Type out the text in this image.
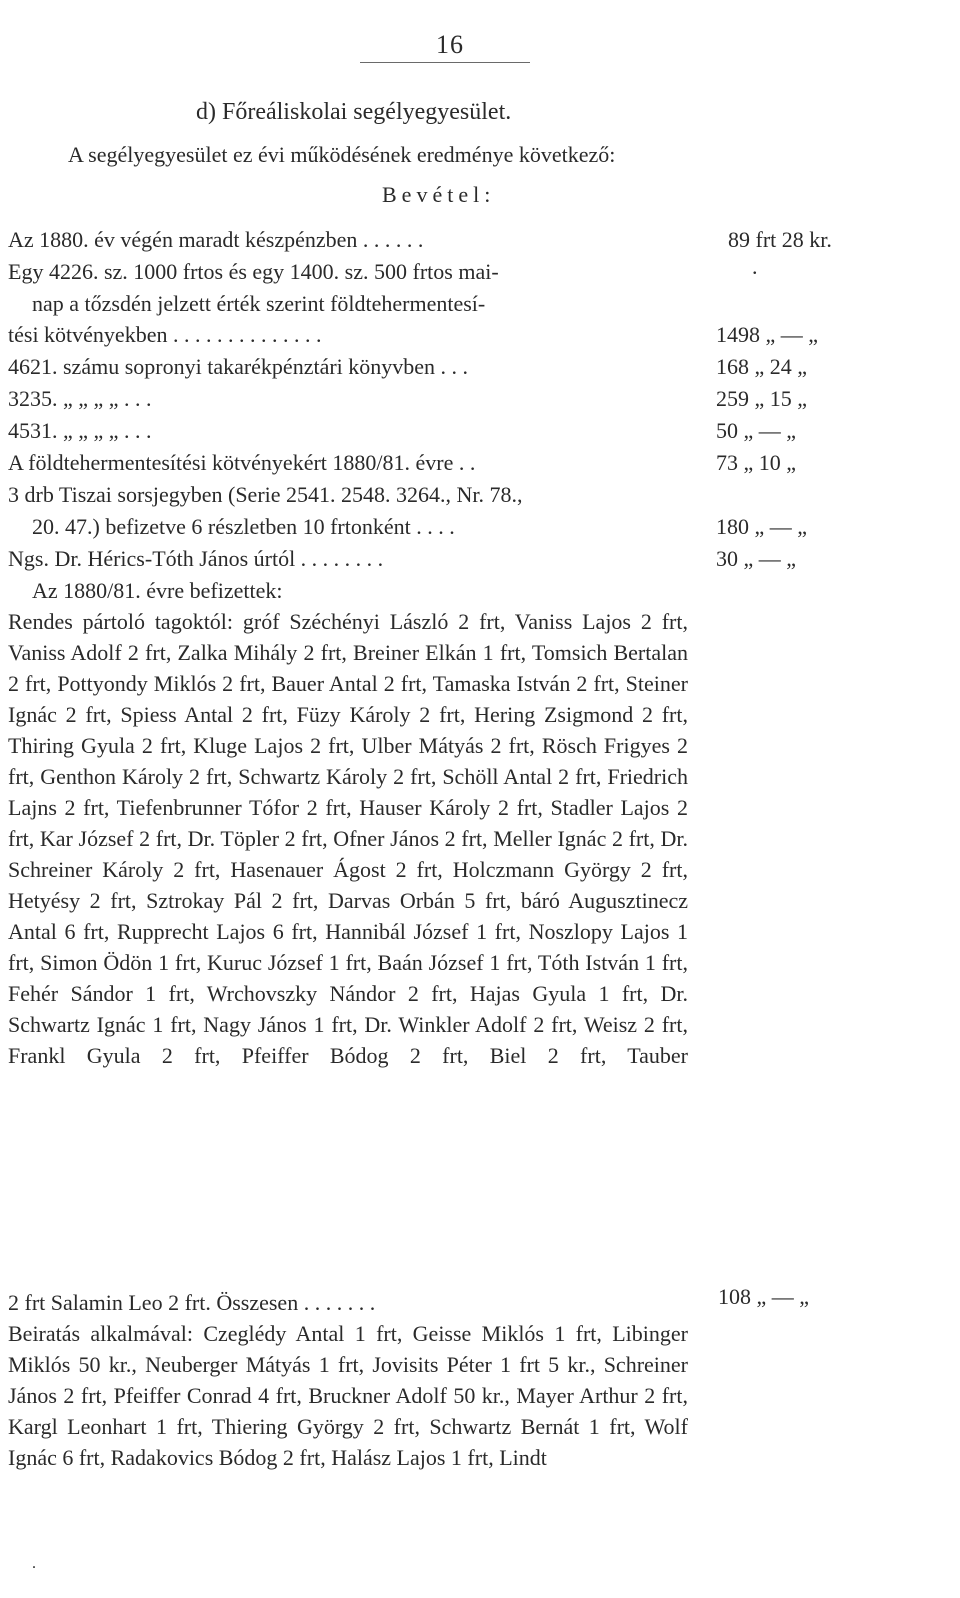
16
d) Főreáliskolai segélyegyesület.
A segélyegyesület ez évi működésének eredménye következő:
Bevétel:
Az 1880. év végén maradt készpénzben . . . . . .	89 frt 28 kr.
Egy 4226. sz. 1000 frtos és egy 1400. sz. 500 frtos mai-	.
nap a tőzsdén jelzett érték szerint földtehermentesí-
tési kötvényekben . . . . . . . . . . . . . .	1498 „ — „
4621. számu sopronyi takarékpénztári könyvben . . .	168 „ 24 „
3235. „ „ „ „ . . .	259 „ 15 „
4531. „ „ „ „ . . .	50 „ — „
A földtehermentesítési kötvényekért 1880/81. évre . .	73 „ 10 „
3 drb Tiszai sorsjegyben (Serie 2541. 2548. 3264., Nr. 78.,
20. 47.) befizetve 6 részletben 10 frtonként . . . .	180 „ — „
Ngs. Dr. Hérics-Tóth János úrtól . . . . . . . .	30 „ — „
Az 1880/81. évre befizettek:
Rendes pártoló tagoktól: gróf Széchényi László 2 frt, Vaniss Lajos 2 frt, Vaniss Adolf 2 frt, Zalka Mihály 2 frt, Breiner Elkán 1 frt, Tomsich Bertalan 2 frt, Pottyondy Miklós 2 frt, Bauer Antal 2 frt, Tamaska István 2 frt, Steiner Ignác 2 frt, Spiess Antal 2 frt, Füzy Károly 2 frt, Hering Zsigmond 2 frt, Thiring Gyula 2 frt, Kluge Lajos 2 frt, Ulber Mátyás 2 frt, Rösch Frigyes 2 frt, Genthon Károly 2 frt, Schwartz Károly 2 frt, Schöll Antal 2 frt, Friedrich Lajns 2 frt, Tiefenbrunner Tófor 2 frt, Hauser Károly 2 frt, Stadler Lajos 2 frt, Kar József 2 frt, Dr. Töpler 2 frt, Ofner János 2 frt, Meller Ignác 2 frt, Dr. Schreiner Károly 2 frt, Hasenauer Ágost 2 frt, Holczmann György 2 frt, Hetyésy 2 frt, Sztrokay Pál 2 frt, Darvas Orbán 5 frt, báró Augusztinecz Antal 6 frt, Rupprecht Lajos 6 frt, Hannibál József 1 frt, Noszlopy Lajos 1 frt, Simon Ödön 1 frt, Kuruc József 1 frt, Baán József 1 frt, Tóth István 1 frt, Fehér Sándor 1 frt, Wrchovszky Nándor 2 frt, Hajas Gyula 1 frt, Dr. Schwartz Ignác 1 frt, Nagy János 1 frt, Dr. Winkler Adolf 2 frt, Weisz 2 frt, Frankl Gyula 2 frt, Pfeiffer Bódog 2 frt, Biel 2 frt, Tauber
2 frt Salamin Leo 2 frt. Összesen . . . . . . .	108 „ — „
Beiratás alkalmával: Czeglédy Antal 1 frt, Geisse Miklós 1 frt, Libinger Miklós 50 kr., Neuberger Mátyás 1 frt, Jovisits Péter 1 frt 5 kr., Schreiner János 2 frt, Pfeiffer Conrad 4 frt, Bruckner Adolf 50 kr., Mayer Arthur 2 frt, Kargl Leonhart 1 frt, Thiering György 2 frt, Schwartz Bernát 1 frt, Wolf Ignác 6 frt, Radakovics Bódog 2 frt, Halász Lajos 1 frt, Lindt
.
